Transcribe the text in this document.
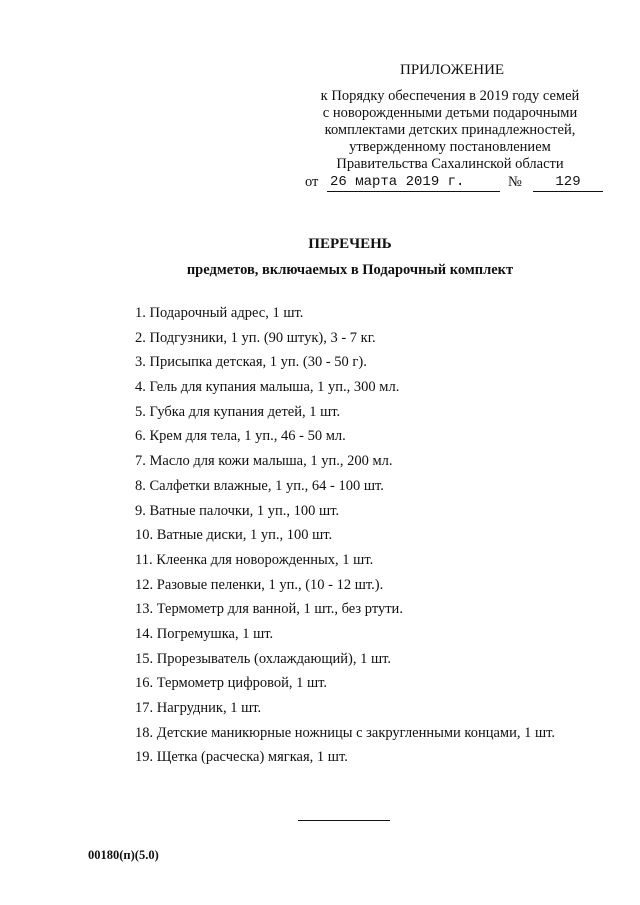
ПРИЛОЖЕНИЕ
к Порядку обеспечения в 2019 году семей
с новорожденными детьми подарочными
комплектами детских принадлежностей,
утвержденному постановлением
Правительства Сахалинской области
от 26 марта 2019 г.	№	129
ПЕРЕЧЕНЬ
предметов, включаемых в Подарочный комплект
1. Подарочный адрес, 1 шт.
2. Подгузники, 1 уп. (90 штук), 3 - 7 кг.
3. Присыпка детская, 1 уп. (30 - 50 г).
4. Гель для купания малыша, 1 уп., 300 мл.
5. Губка для купания детей, 1 шт.
6. Крем для тела, 1 уп., 46 - 50 мл.
7. Масло для кожи малыша, 1 уп., 200 мл.
8. Салфетки влажные, 1 уп., 64 - 100 шт.
9. Ватные палочки, 1 уп., 100 шт.
10. Ватные диски, 1 уп., 100 шт.
11. Клеенка для новорожденных, 1 шт.
12. Разовые пеленки, 1 уп., (10 - 12 шт.).
13. Термометр для ванной, 1 шт., без ртути.
14. Погремушка, 1 шт.
15. Прорезыватель (охлаждающий), 1 шт.
16. Термометр цифровой, 1 шт.
17. Нагрудник, 1 шт.
18. Детские маникюрные ножницы с закругленными концами, 1 шт.
19. Щетка (расческа) мягкая, 1 шт.
00180(п)(5.0)
